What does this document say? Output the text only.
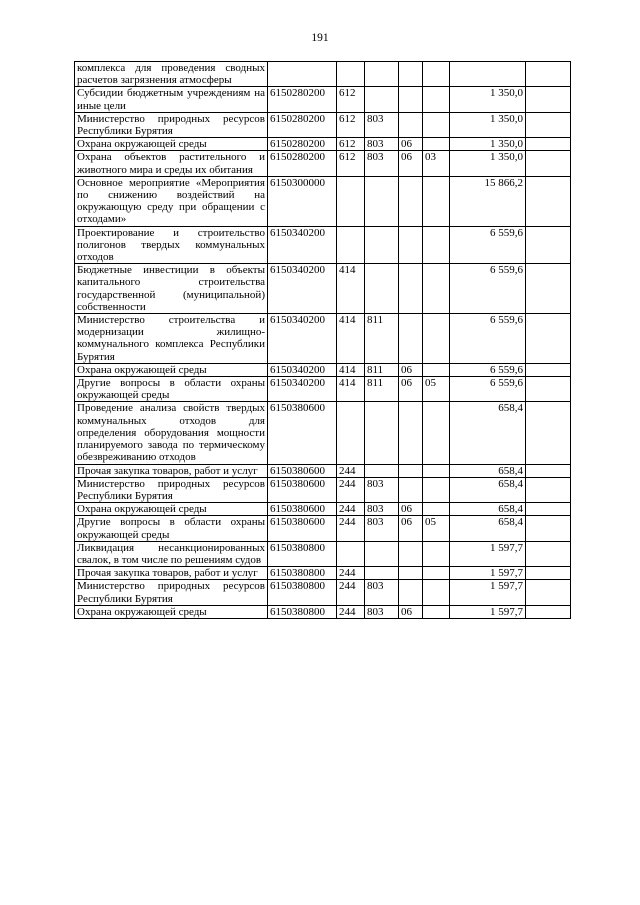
191
комплекса для проведения сводных расчетов загрязнения атмосферы							
Субсидии бюджетным учреждениям на иные цели	6150280200	612				1 350,0	
Министерство природных ресурсов Республики Бурятия	6150280200	612	803			1 350,0	
Охрана окружающей среды	6150280200	612	803	06		1 350,0	
Охрана объектов растительного и животного мира и среды их обитания	6150280200	612	803	06	03	1 350,0	
Основное мероприятие «Мероприятия по снижению воздействий на окружающую среду при обращении с отходами»	6150300000					15 866,2	
Проектирование и строительство полигонов твердых коммунальных отходов	6150340200					6 559,6	
Бюджетные инвестиции в объекты капитального строительства государственной (муниципальной) собственности	6150340200	414				6 559,6	
Министерство строительства и модернизации жилищно-коммунального комплекса Республики Бурятия	6150340200	414	811			6 559,6	
Охрана окружающей среды	6150340200	414	811	06		6 559,6	
Другие вопросы в области охраны окружающей среды	6150340200	414	811	06	05	6 559,6	
Проведение анализа свойств твердых коммунальных отходов для определения оборудования мощности планируемого завода по термическому обезвреживанию отходов	6150380600					658,4	
Прочая закупка товаров, работ и услуг	6150380600	244				658,4	
Министерство природных ресурсов Республики Бурятия	6150380600	244	803			658,4	
Охрана окружающей среды	6150380600	244	803	06		658,4	
Другие вопросы в области охраны окружающей среды	6150380600	244	803	06	05	658,4	
Ликвидация несанкционированных свалок, в том числе по решениям судов	6150380800					1 597,7	
Прочая закупка товаров, работ и услуг	6150380800	244				1 597,7	
Министерство природных ресурсов Республики Бурятия	6150380800	244	803			1 597,7	
Охрана окружающей среды	6150380800	244	803	06		1 597,7	
